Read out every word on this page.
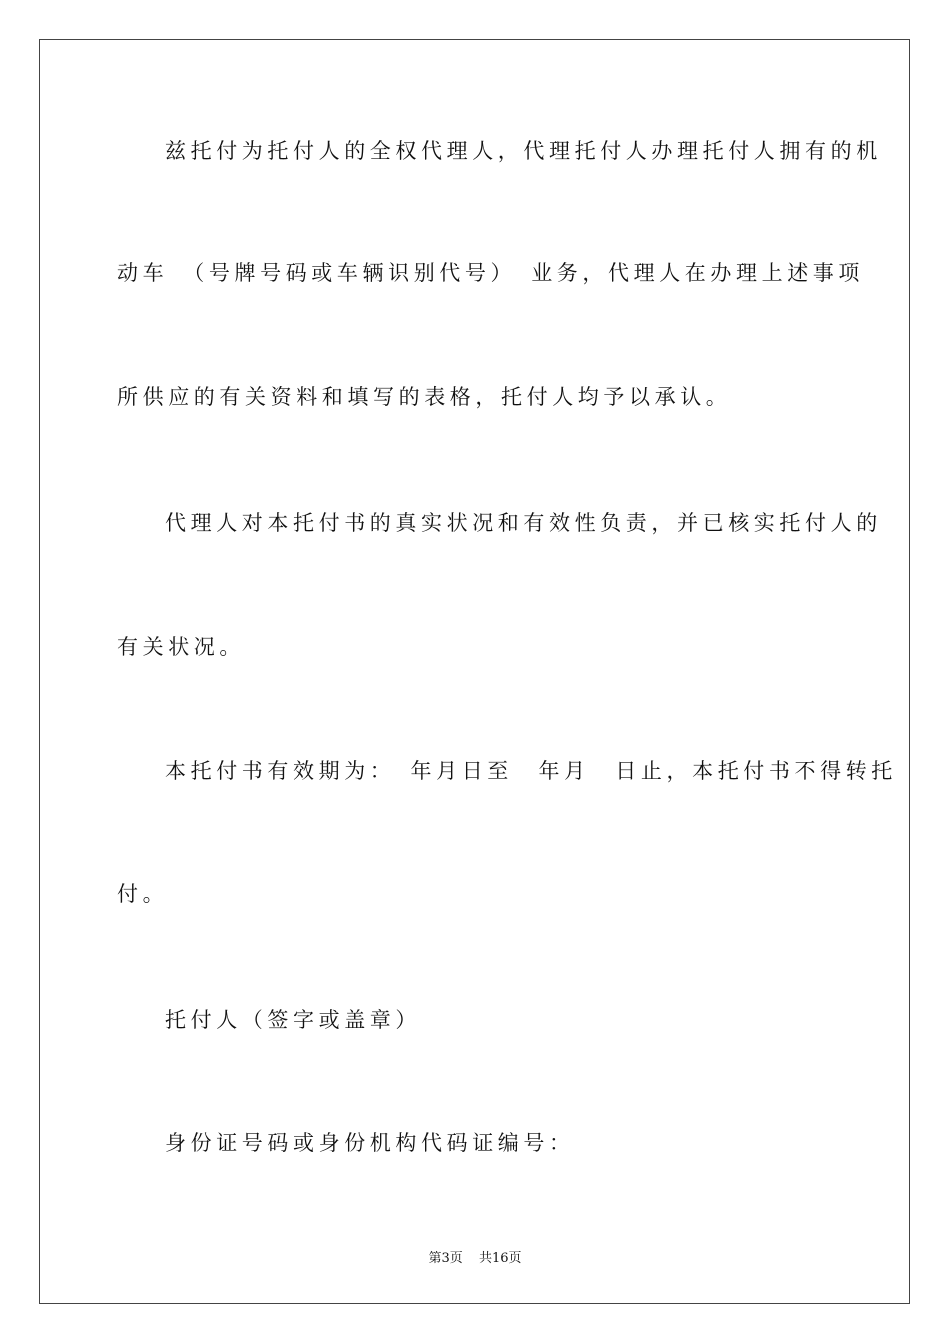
兹托付为托付人的全权代理人，代理托付人办理托付人拥有的机
动车　（号牌号码或车辆识别代号）　业务，代理人在办理上述事项
所供应的有关资料和填写的表格，托付人均予以承认。
代理人对本托付书的真实状况和有效性负责，并已核实托付人的
有关状况。
本托付书有效期为：　年月日至　年月　日止，本托付书不得转托
付。
托付人（签字或盖章）
身份证号码或身份机构代码证编号：
第3页 共16页
